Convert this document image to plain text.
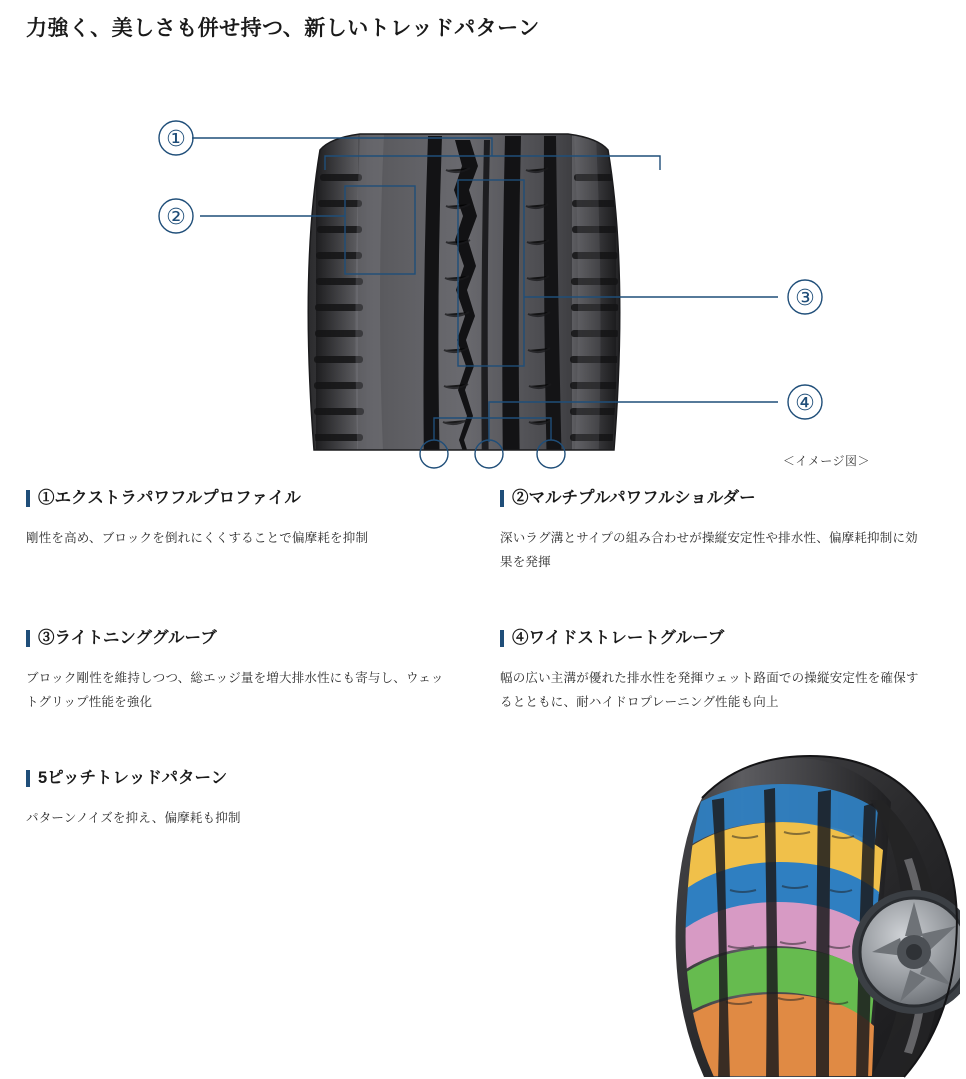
力強く、美しさも併せ持つ、新しいトレッドパターン
①
②
③
④
＜イメージ図＞
①エクストラパワフルプロファイル
剛性を高め、ブロックを倒れにくくすることで偏摩耗を抑制
②マルチプルパワフルショルダー
深いラグ溝とサイプの組み合わせが操縦安定性や排水性、偏摩耗抑制に効果を発揮
③ライトニンググルーブ
ブロック剛性を維持しつつ、総エッジ量を増大排水性にも寄与し、ウェットグリップ性能を強化
④ワイドストレートグルーブ
幅の広い主溝が優れた排水性を発揮ウェット路面での操縦安定性を確保するとともに、耐ハイドロプレーニング性能も向上
5ピッチトレッドパターン
パターンノイズを抑え、偏摩耗も抑制
